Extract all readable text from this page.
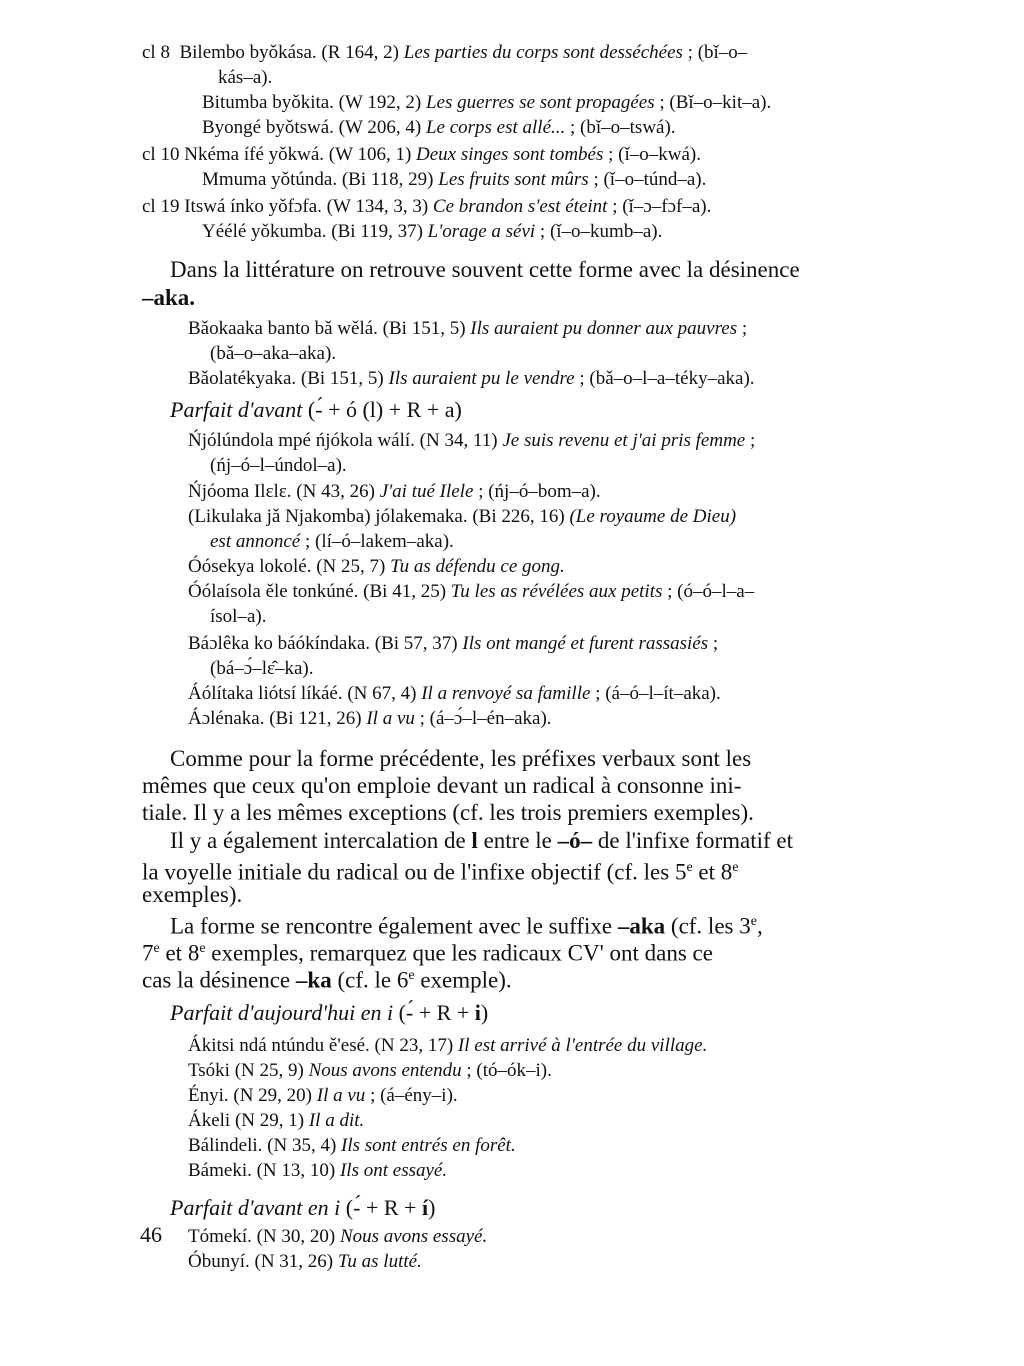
cl 8 Bilembo byǒkása. (R 164, 2) Les parties du corps sont desséchées ; (bǐ–o–
kás–a).
Bitumba byǒkita. (W 192, 2) Les guerres se sont propagées ; (Bǐ–o–kit–a).
Byongé byǒtswá. (W 206, 4) Le corps est allé... ; (bǐ–o–tswá).
cl 10 Nkéma ífé yǒkwá. (W 106, 1) Deux singes sont tombés ; (ǐ–o–kwá).
Mmuma yǒtúnda. (Bi 118, 29) Les fruits sont mûrs ; (ǐ–o–túnd–a).
cl 19 Itswá ínko yǒfɔfa. (W 134, 3, 3) Ce brandon s'est éteint ; (ǐ–ɔ–fɔf–a).
Yéélé yǒkumba. (Bi 119, 37) L'orage a sévi ; (ǐ–o–kumb–a).
Dans la littérature on retrouve souvent cette forme avec la désinence
–aka.
Bǎokaaka banto bǎ wělá. (Bi 151, 5) Ils auraient pu donner aux pauvres ;
(bǎ–o–aka–aka).
Bǎolatékyaka. (Bi 151, 5) Ils auraient pu le vendre ; (bǎ–o–l–a–téky–aka).
Parfait d'avant (-́ + ó (l) + R + a)
Ńjólúndola mpé ńjókola wálí. (N 34, 11) Je suis revenu et j'ai pris femme ;
(ńj–ó–l–úndol–a).
Ńjóoma Ilɛlɛ. (N 43, 26) J'ai tué Ilele ; (ńj–ó–bom–a).
(Likulaka jǎ Njakomba) jólakemaka. (Bi 226, 16) (Le royaume de Dieu)
est annoncé ; (lí–ó–lakem–aka).
Óósekya lokolé. (N 25, 7) Tu as défendu ce gong.
Óólaísola ěle tonkúné. (Bi 41, 25) Tu les as révélées aux petits ; (ó–ó–l–a–
ísol–a).
Báɔlêka ko báókíndaka. (Bi 57, 37) Ils ont mangé et furent rassasiés ;
(bá–ɔ́–lɛ̂–ka).
Áólítaka liótsí líkáé. (N 67, 4) Il a renvoyé sa famille ; (á–ó–l–ít–aka).
Áɔlénaka. (Bi 121, 26) Il a vu ; (á–ɔ́–l–én–aka).
Comme pour la forme précédente, les préfixes verbaux sont les
mêmes que ceux qu'on emploie devant un radical à consonne ini-
tiale. Il y a les mêmes exceptions (cf. les trois premiers exemples).
Il y a également intercalation de l entre le –ó– de l'infixe formatif et
la voyelle initiale du radical ou de l'infixe objectif (cf. les 5e et 8e
exemples).
La forme se rencontre également avec le suffixe –aka (cf. les 3e,
7e et 8e exemples, remarquez que les radicaux CV' ont dans ce
cas la désinence –ka (cf. le 6e exemple).
Parfait d'aujourd'hui en i (-́ + R + i)
Ákitsi ndá ntúndu ě'esé. (N 23, 17) Il est arrivé à l'entrée du village.
Tsóki (N 25, 9) Nous avons entendu ; (tó–ók–i).
Ényi. (N 29, 20) Il a vu ; (á–ény–i).
Ákeli (N 29, 1) Il a dit.
Bálindeli. (N 35, 4) Ils sont entrés en forêt.
Bámeki. (N 13, 10) Ils ont essayé.
Parfait d'avant en i (-́ + R + í)
Tómekí. (N 30, 20) Nous avons essayé.
Óbunyí. (N 31, 26) Tu as lutté.
46
